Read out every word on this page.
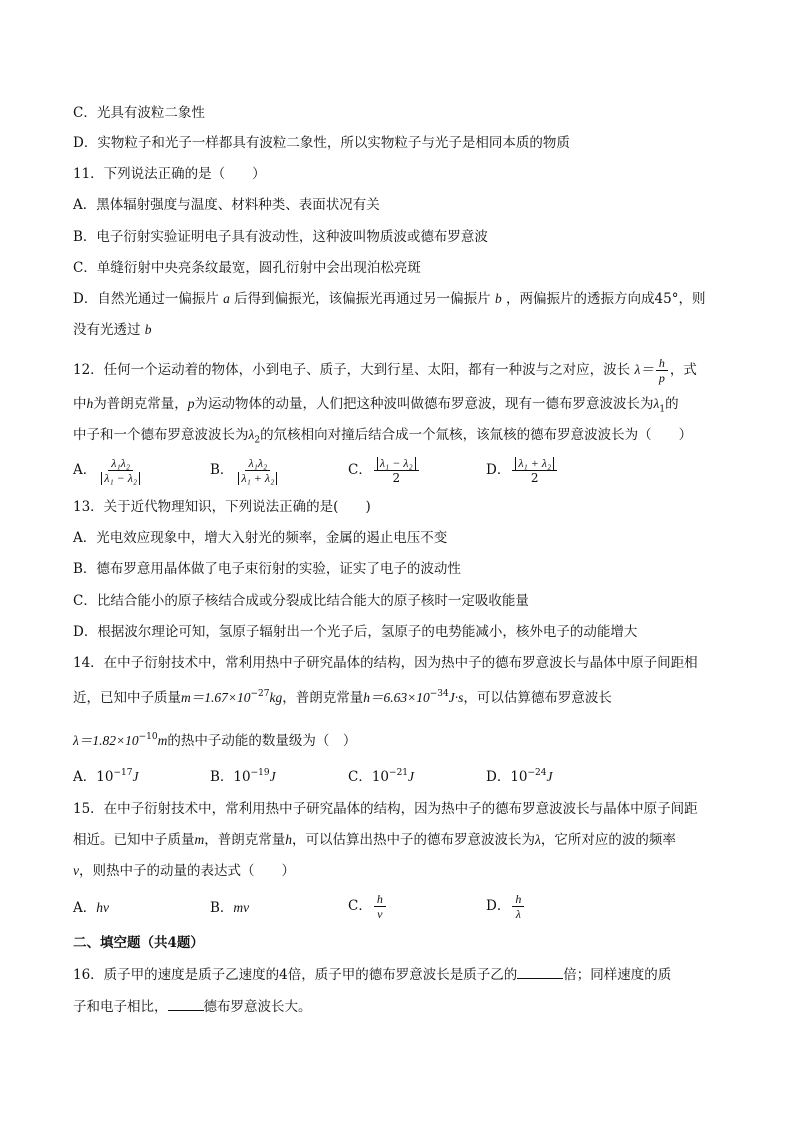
C．光具有波粒二象性
D．实物粒子和光子一样都具有波粒二象性，所以实物粒子与光子是相同本质的物质
11．下列说法正确的是（　　）
A．黑体辐射强度与温度、材料种类、表面状况有关
B．电子衍射实验证明电子具有波动性，这种波叫物质波或德布罗意波
C．单缝衍射中央亮条纹最宽，圆孔衍射中会出现泊松亮斑
D．自然光通过一偏振片 a 后得到偏振光，该偏振光再通过另一偏振片 b ，两偏振片的透振方向成45°，则
没有光透过 b
12．任何一个运动着的物体，小到电子、质子，大到行星、太阳，都有一种波与之对应，波长 $\lambda= \frac{h}{p}$ ，式
中h为普朗克常量，p为运动物体的动量，人们把这种波叫做德布罗意波，现有一德布罗意波波长为$\lambda_1$的
中子和一个德布罗意波波长为$\lambda_2$的氘核相向对撞后结合成一个氚核，该氚核的德布罗意波波长为（　　）
A． $\frac{\text{λ₁λ₂}}{\text{λ₁ − λ₂}}$	B． $\frac{\text{λ₁λ₂}}{\text{λ₁ + λ₂}}$	C． $\frac{\text{λ₁ − λ₂}}{2}$	D． $\frac{\text{λ₁ + λ₂}}{2}$
13．关于近代物理知识，下列说法正确的是(　　)
A．光电效应现象中，增大入射光的频率，金属的遏止电压不变
B．德布罗意用晶体做了电子束衍射的实验，证实了电子的波动性
C．比结合能小的原子核结合成或分裂成比结合能大的原子核时一定吸收能量
D．根据波尔理论可知，氢原子辐射出一个光子后，氢原子的电势能减小，核外电子的动能增大
14．在中子衍射技术中，常利用热中子研究晶体的结构，因为热中子的德布罗意波长与晶体中原子间距相
近，已知中子质量$m=1.67\times 10^{-27}kg$，普朗克常量$h=6.63\times 10^{-34}J\cdot s$，可以估算德布罗意波长
$\lambda=1.82\times 10^{-10}m$的热中子动能的数量级为（　）
A．$10^{-17}J$	B．$10^{-19}J$	C．$10^{-21}J$	D．$10^{-24}J$
15．在中子衍射技术中，常利用热中子研究晶体的结构，因为热中子的德布罗意波波长与晶体中原子间距
相近。已知中子质量m，普朗克常量h，可以估算出热中子的德布罗意波波长为λ，它所对应的波的频率
v，则热中子的动量的表达式（　　）
A．hv	B．mv	C． $\frac{h}{v}$	D． $\frac{h}{\lambda}$
二、填空题（共4题）
16．质子甲的速度是质子乙速度的4倍，质子甲的德布罗意波长是质子乙的	倍；同样速度的质
子和电子相比，	德布罗意波长大。
